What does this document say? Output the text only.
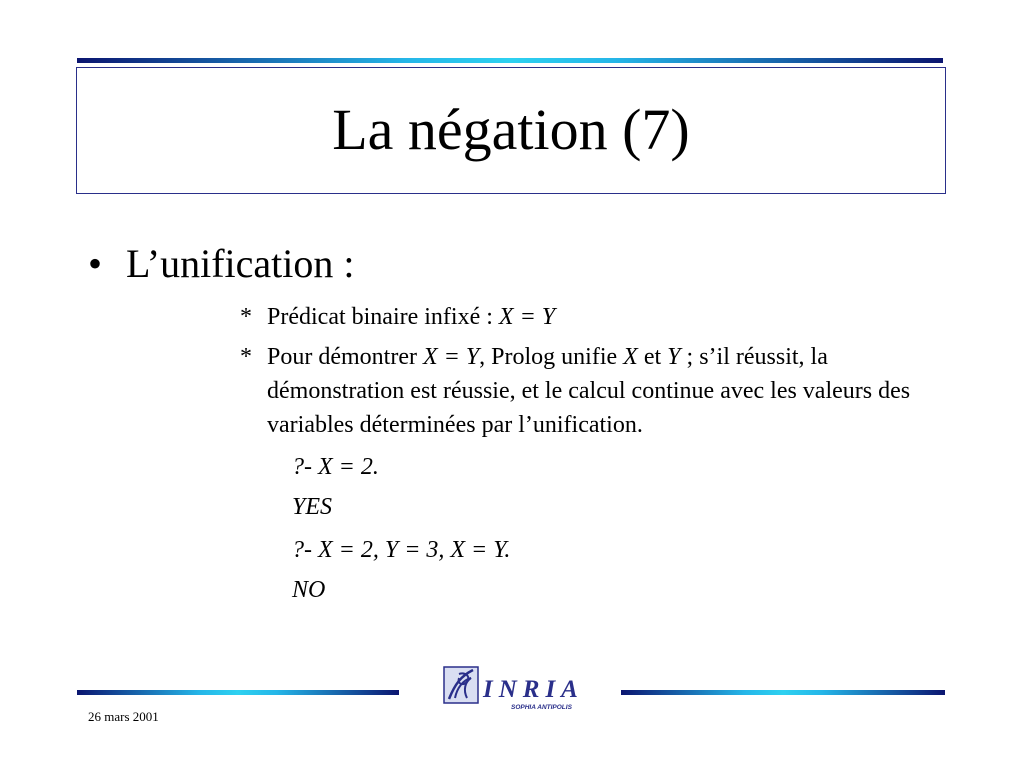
La négation (7)
• L’unification :
* Prédicat binaire infixé : X = Y
* Pour démontrer X = Y, Prolog unifie X et Y ; s’il réussit, la démonstration est réussie, et le calcul continue avec les valeurs des variables déterminées par l’unification.
?- X = 2.
YES
?- X = 2, Y = 3, X = Y.
NO
INRIA
SOPHIA ANTIPOLIS
26 mars 2001
